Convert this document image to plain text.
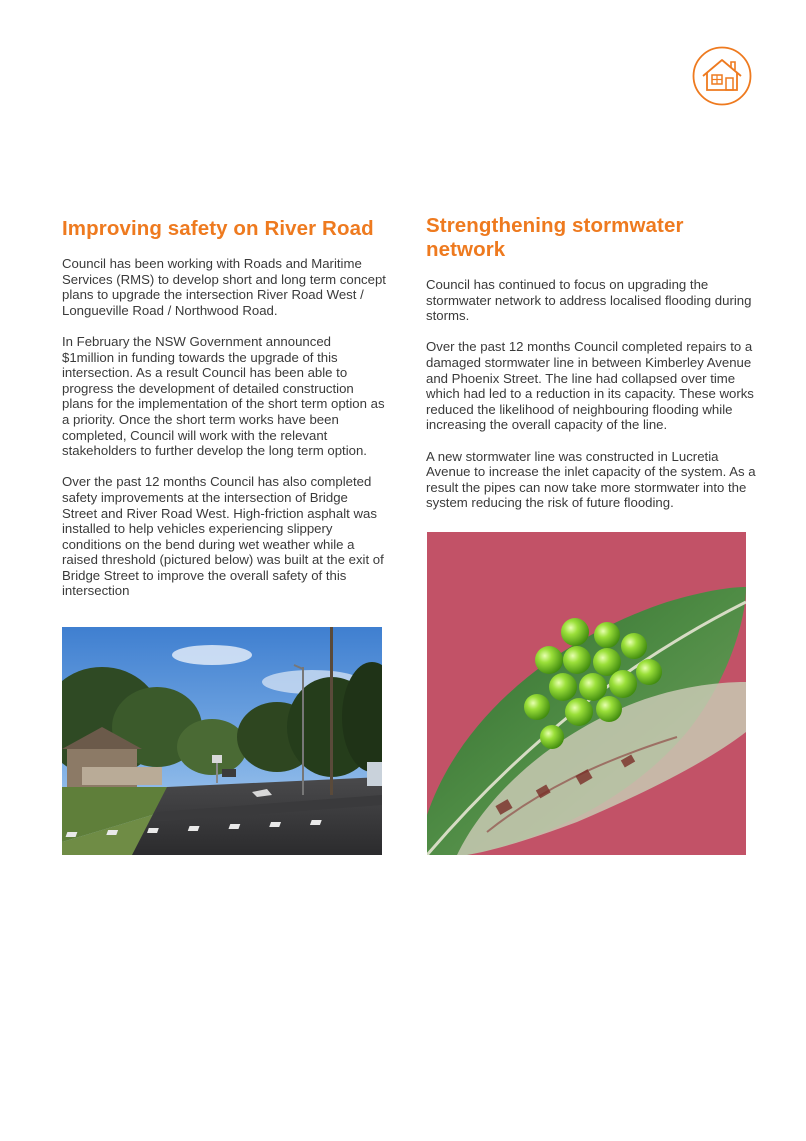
Improving safety on River Road

Council has been working with Roads and Maritime Services (RMS) to develop short and long term concept plans to upgrade the intersection River Road West / Longueville Road / Northwood Road.

In February the NSW Government announced $1million in funding towards the upgrade of this intersection. As a result Council has been able to progress the development of detailed construction plans for the implementation of the short term option as a priority. Once the short term works have been completed, Council will work with the relevant stakeholders to further develop the long term option.

Over the past 12 months Council has also completed safety improvements at the intersection of Bridge Street and River Road West. High-friction asphalt was installed to help vehicles experiencing slippery conditions on the bend during wet weather while a raised threshold (pictured below) was built at the exit of Bridge Street to improve the overall safety of this intersection

Strengthening stormwater network

Council has continued to focus on upgrading the stormwater network to address localised flooding during storms.

Over the past 12 months Council completed repairs to a damaged stormwater line in between Kimberley Avenue and Phoenix Street. The line had collapsed over time which had led to a reduction in its capacity. These works reduced the likelihood of neighbouring flooding while increasing the overall capacity of the line.

A new stormwater line was constructed in Lucretia Avenue to increase the inlet capacity of the system. As a result the pipes can now take more stormwater into the system reducing the risk of future flooding.
